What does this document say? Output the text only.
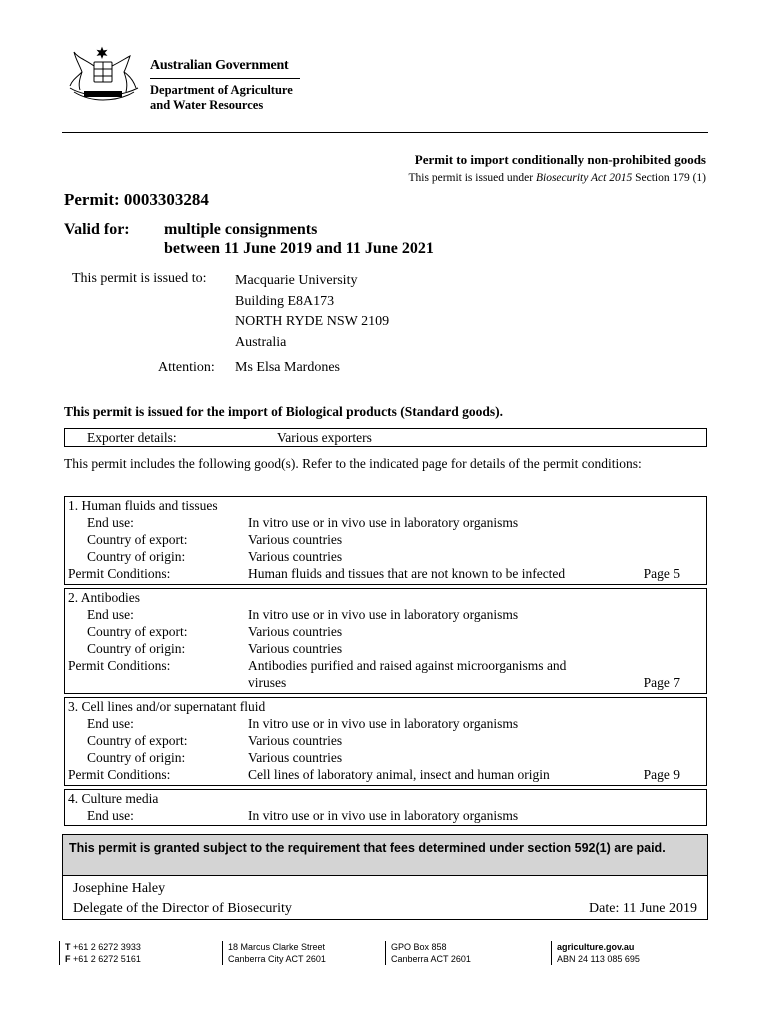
Australian Government
Department of Agriculture
and Water Resources
Permit to import conditionally non-prohibited goods
This permit is issued under Biosecurity Act 2015 Section 179 (1)
Permit: 0003303284
Valid for: multiple consignments
between 11 June 2019 and 11 June 2021
This permit is issued to: Macquarie University
Building E8A173
NORTH RYDE NSW 2109
Australia
Attention: Ms Elsa Mardones
This permit is issued for the import of Biological products (Standard goods).
Exporter details:	Various exporters
This permit includes the following good(s). Refer to the indicated page for details of the permit conditions:
1. Human fluids and tissues
End use:	In vitro use or in vivo use in laboratory organisms
Country of export:	Various countries
Country of origin:	Various countries
Permit Conditions:	Human fluids and tissues that are not known to be infected	Page 5
2. Antibodies
End use:	In vitro use or in vivo use in laboratory organisms
Country of export:	Various countries
Country of origin:	Various countries
Permit Conditions:	Antibodies purified and raised against microorganisms and
viruses	Page 7
3. Cell lines and/or supernatant fluid
End use:	In vitro use or in vivo use in laboratory organisms
Country of export:	Various countries
Country of origin:	Various countries
Permit Conditions:	Cell lines of laboratory animal, insect and human origin	Page 9
4. Culture media
End use:	In vitro use or in vivo use in laboratory organisms
This permit is granted subject to the requirement that fees determined under section 592(1) are paid.
Josephine Haley
Delegate of the Director of Biosecurity	Date: 11 June 2019
T +61 2 6272 3933
F +61 2 6272 5161
18 Marcus Clarke Street
Canberra City ACT 2601
GPO Box 858
Canberra ACT 2601
agriculture.gov.au
ABN 24 113 085 695
